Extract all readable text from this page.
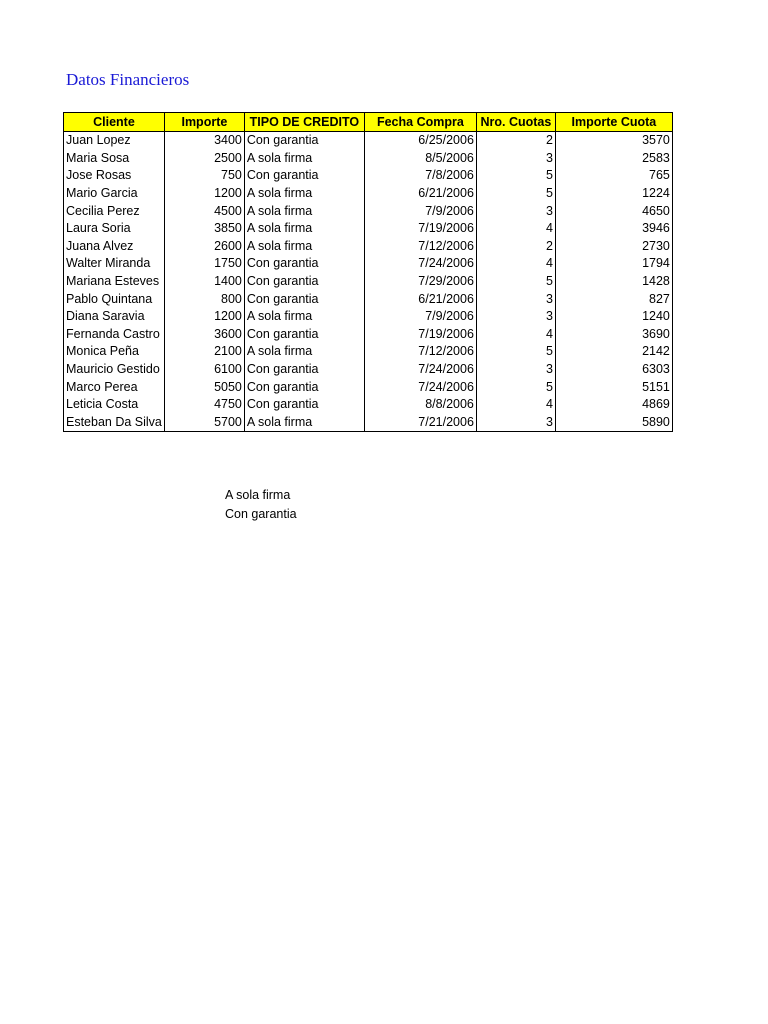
Datos Financieros
Cliente	Importe	TIPO DE CREDITO	Fecha Compra	Nro. Cuotas	Importe Cuota
Juan Lopez	3400	Con garantia	6/25/2006	2	3570
Maria Sosa	2500	A sola firma	8/5/2006	3	2583
Jose Rosas	750	Con garantia	7/8/2006	5	765
Mario Garcia	1200	A sola firma	6/21/2006	5	1224
Cecilia Perez	4500	A sola firma	7/9/2006	3	4650
Laura Soria	3850	A sola firma	7/19/2006	4	3946
Juana Alvez	2600	A sola firma	7/12/2006	2	2730
Walter Miranda	1750	Con garantia	7/24/2006	4	1794
Mariana Esteves	1400	Con garantia	7/29/2006	5	1428
Pablo Quintana	800	Con garantia	6/21/2006	3	827
Diana Saravia	1200	A sola firma	7/9/2006	3	1240
Fernanda Castro	3600	Con garantia	7/19/2006	4	3690
Monica Peña	2100	A sola firma	7/12/2006	5	2142
Mauricio Gestido	6100	Con garantia	7/24/2006	3	6303
Marco Perea	5050	Con garantia	7/24/2006	5	5151
Leticia Costa	4750	Con garantia	8/8/2006	4	4869
Esteban Da Silva	5700	A sola firma	7/21/2006	3	5890
A sola firma
Con garantia
